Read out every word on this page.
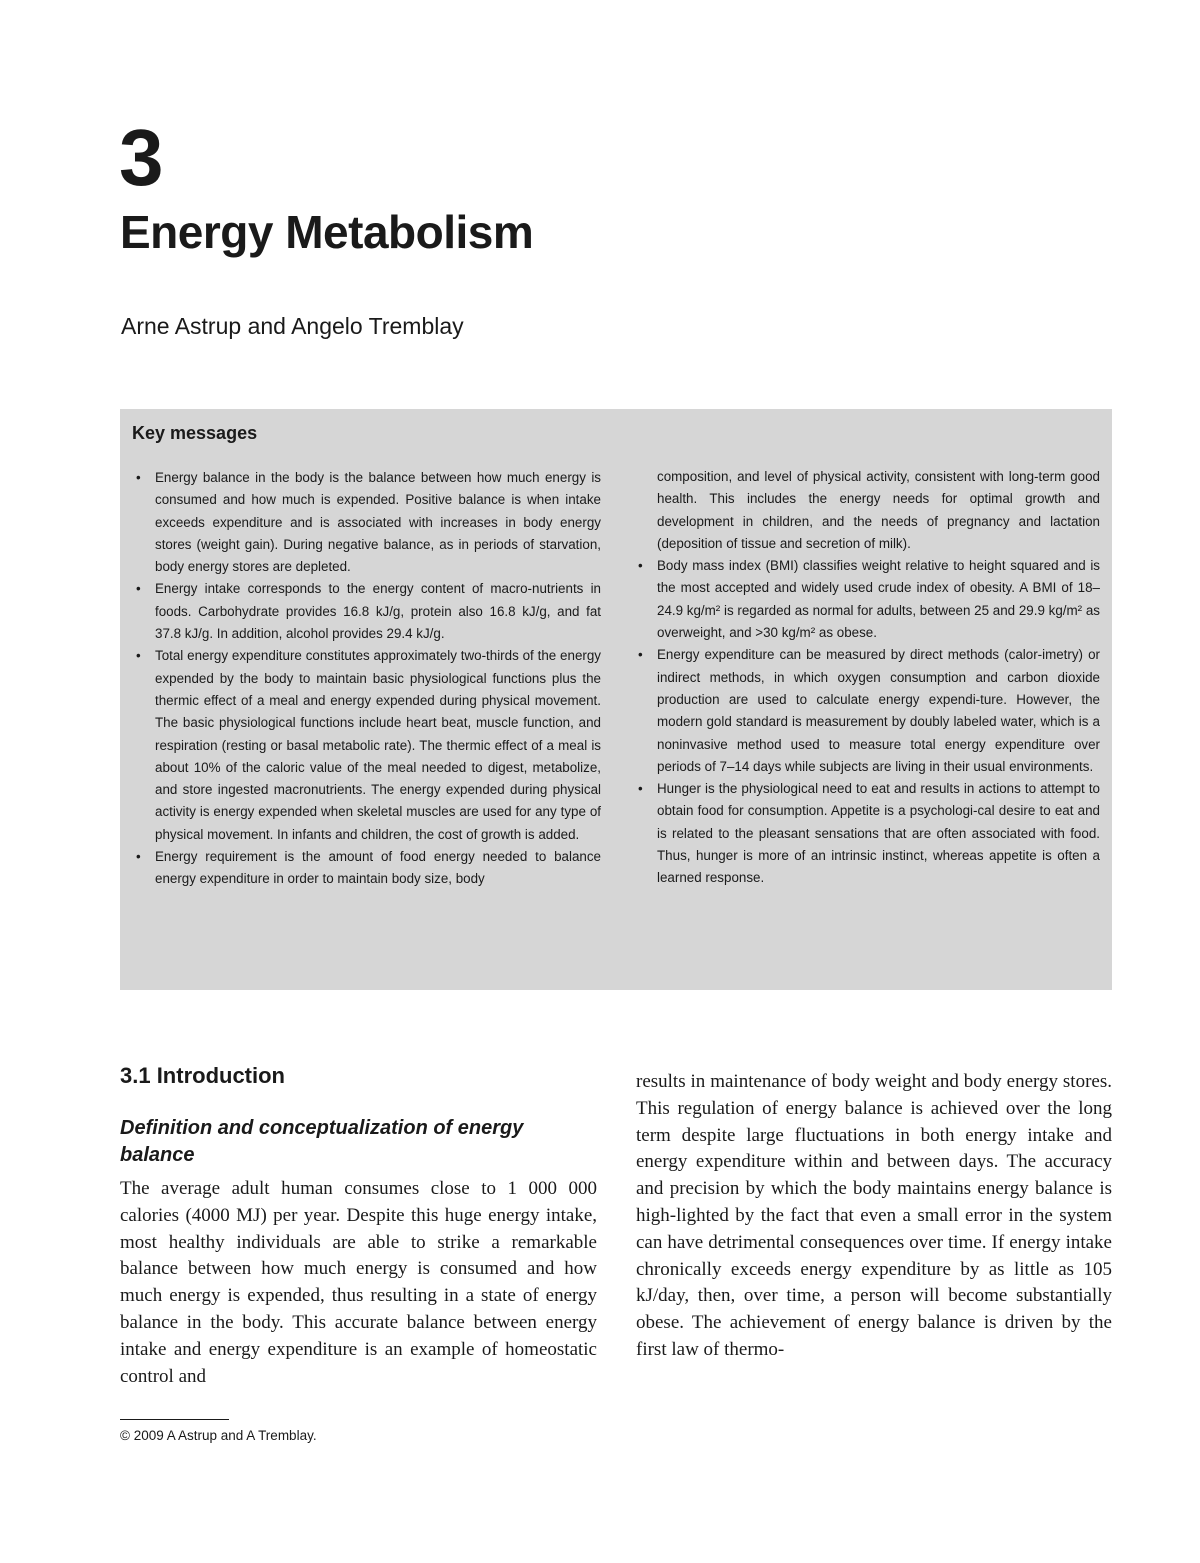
3
Energy Metabolism
Arne Astrup and Angelo Tremblay
Key messages
• Energy balance in the body is the balance between how much energy is consumed and how much is expended. Positive balance is when intake exceeds expenditure and is associated with increases in body energy stores (weight gain). During negative balance, as in periods of starvation, body energy stores are depleted.
• Energy intake corresponds to the energy content of macro-nutrients in foods. Carbohydrate provides 16.8 kJ/g, protein also 16.8 kJ/g, and fat 37.8 kJ/g. In addition, alcohol provides 29.4 kJ/g.
• Total energy expenditure constitutes approximately two-thirds of the energy expended by the body to maintain basic physiological functions plus the thermic effect of a meal and energy expended during physical movement. The basic physiological functions include heart beat, muscle function, and respiration (resting or basal metabolic rate). The thermic effect of a meal is about 10% of the caloric value of the meal needed to digest, metabolize, and store ingested macronutrients. The energy expended during physical activity is energy expended when skeletal muscles are used for any type of physical movement. In infants and children, the cost of growth is added.
• Energy requirement is the amount of food energy needed to balance energy expenditure in order to maintain body size, body
composition, and level of physical activity, consistent with long-term good health. This includes the energy needs for optimal growth and development in children, and the needs of pregnancy and lactation (deposition of tissue and secretion of milk).
• Body mass index (BMI) classifies weight relative to height squared and is the most accepted and widely used crude index of obesity. A BMI of 18–24.9 kg/m² is regarded as normal for adults, between 25 and 29.9 kg/m² as overweight, and >30 kg/m² as obese.
• Energy expenditure can be measured by direct methods (calor-imetry) or indirect methods, in which oxygen consumption and carbon dioxide production are used to calculate energy expendi-ture. However, the modern gold standard is measurement by doubly labeled water, which is a noninvasive method used to measure total energy expenditure over periods of 7–14 days while subjects are living in their usual environments.
• Hunger is the physiological need to eat and results in actions to attempt to obtain food for consumption. Appetite is a psychologi-cal desire to eat and is related to the pleasant sensations that are often associated with food. Thus, hunger is more of an intrinsic instinct, whereas appetite is often a learned response.
3.1 Introduction
Definition and conceptualization of energy balance
The average adult human consumes close to 1 000 000 calories (4000 MJ) per year. Despite this huge energy intake, most healthy individuals are able to strike a remarkable balance between how much energy is consumed and how much energy is expended, thus resulting in a state of energy balance in the body. This accurate balance between energy intake and energy expenditure is an example of homeostatic control and
results in maintenance of body weight and body energy stores. This regulation of energy balance is achieved over the long term despite large fluctuations in both energy intake and energy expenditure within and between days. The accuracy and precision by which the body maintains energy balance is high-lighted by the fact that even a small error in the system can have detrimental consequences over time. If energy intake chronically exceeds energy expenditure by as little as 105 kJ/day, then, over time, a person will become substantially obese. The achievement of energy balance is driven by the first law of thermo-
© 2009 A Astrup and A Tremblay.
